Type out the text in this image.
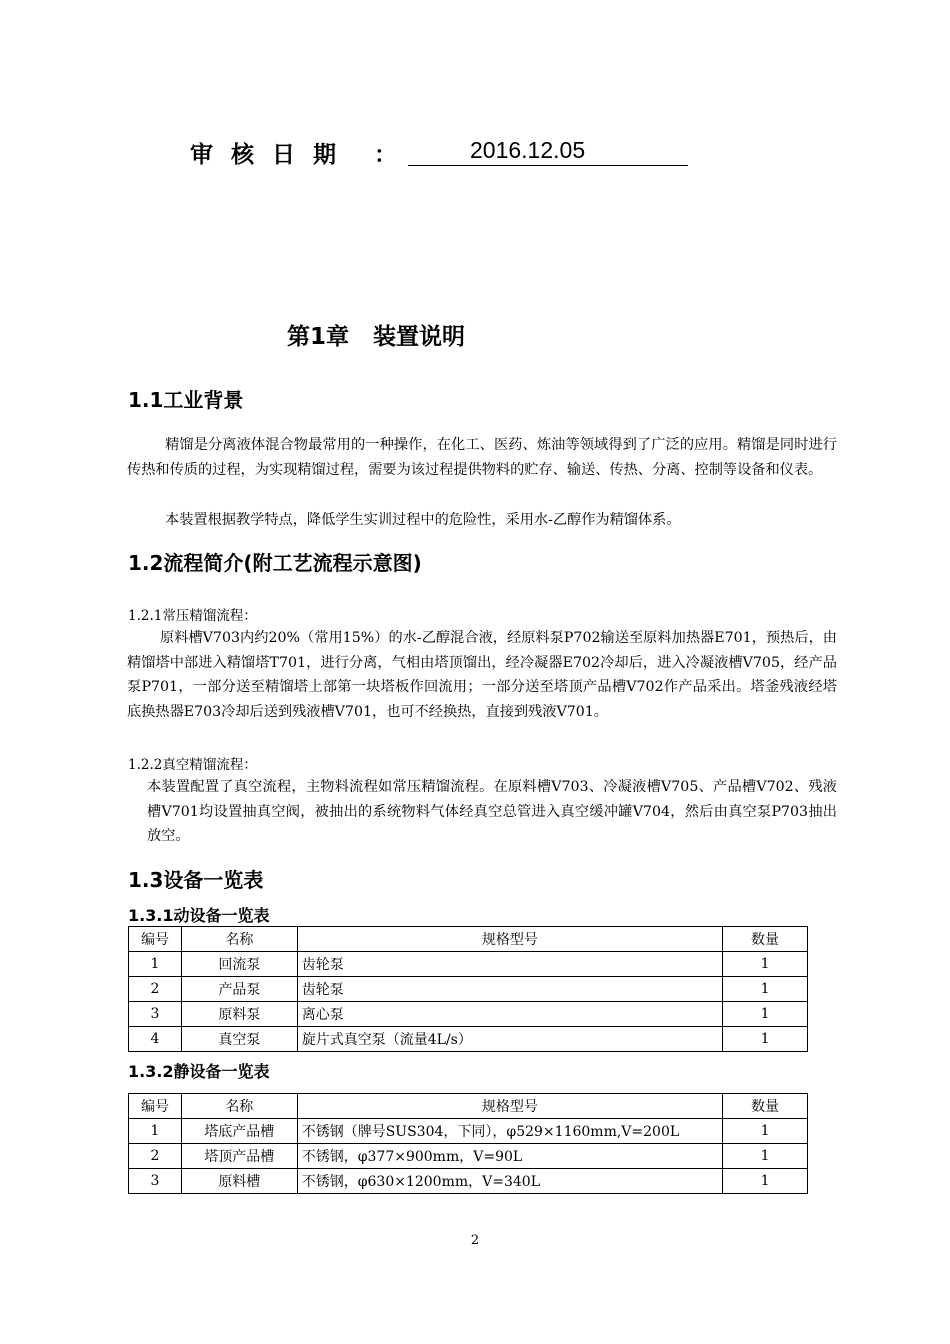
审核日期 ：	2016.12.05
第1章 装置说明
1.1工业背景
精馏是分离液体混合物最常用的一种操作，在化工、医药、炼油等领域得到了广泛的应用。精馏是同时进行传热和传质的过程，为实现精馏过程，需要为该过程提供物料的贮存、输送、传热、分离、控制等设备和仪表。
本装置根据教学特点，降低学生实训过程中的危险性，采用水-乙醇作为精馏体系。
1.2流程简介(附工艺流程示意图)
1.2.1常压精馏流程：
原料槽V703内约20%（常用15%）的水-乙醇混合液，经原料泵P702输送至原料加热器E701，预热后，由精馏塔中部进入精馏塔T701，进行分离，气相由塔顶馏出，经冷凝器E702冷却后，进入冷凝液槽V705，经产品泵P701，一部分送至精馏塔上部第一块塔板作回流用；一部分送至塔顶产品槽V702作产品采出。塔釜残液经塔底换热器E703冷却后送到残液槽V701，也可不经换热，直接到残液V701。
1.2.2真空精馏流程：
本装置配置了真空流程，主物料流程如常压精馏流程。在原料槽V703、冷凝液槽V705、产品槽V702、残液槽V701均设置抽真空阀，被抽出的系统物料气体经真空总管进入真空缓冲罐V704，然后由真空泵P703抽出放空。
1.3设备一览表
1.3.1动设备一览表
编号	名称	规格型号	数量
1	回流泵	齿轮泵	1
2	产品泵	齿轮泵	1
3	原料泵	离心泵	1
4	真空泵	旋片式真空泵（流量4L/s）	1
1.3.2静设备一览表
编号	名称	规格型号	数量
1	塔底产品槽	不锈钢（牌号SUS304，下同），φ529×1160mm,V=200L	1
2	塔顶产品槽	不锈钢，φ377×900mm，V=90L	1
3	原料槽	不锈钢，φ630×1200mm，V=340L	1
2
